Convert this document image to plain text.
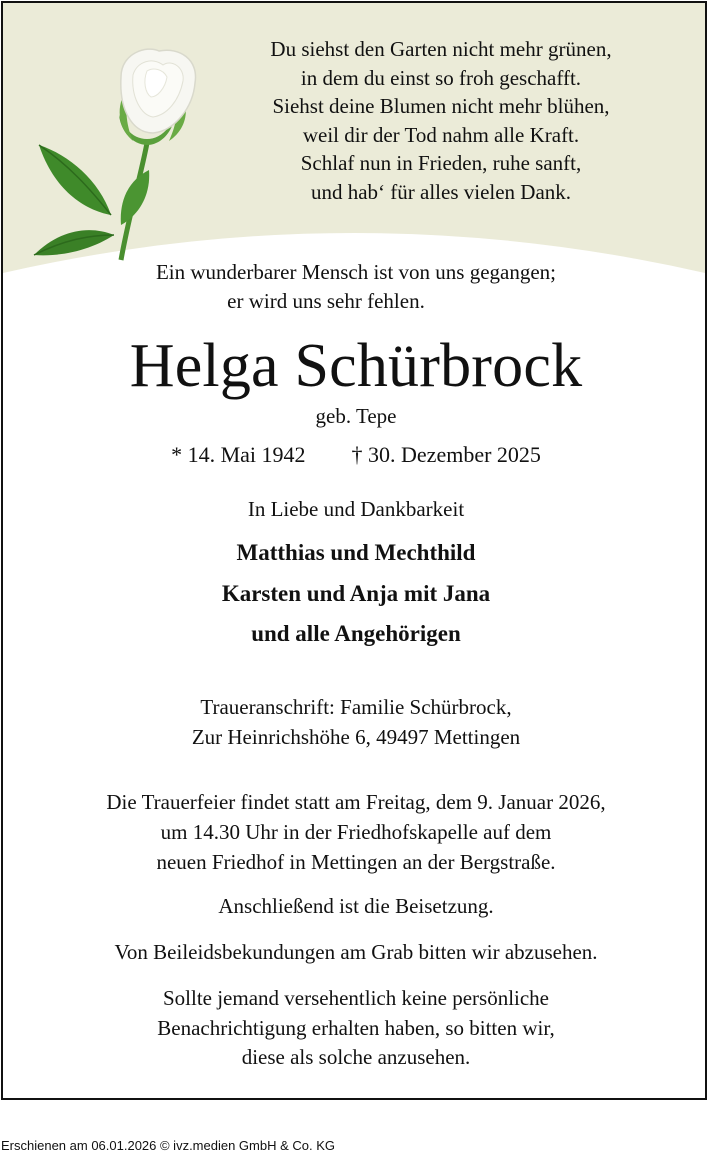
Du siehst den Garten nicht mehr grünen,
in dem du einst so froh geschafft.
Siehst deine Blumen nicht mehr blühen,
weil dir der Tod nahm alle Kraft.
Schlaf nun in Frieden, ruhe sanft,
und hab‘ für alles vielen Dank.
Ein wunderbarer Mensch ist von uns gegangen;
er wird uns sehr fehlen.
Helga Schürbrock
geb. Tepe
* 14. Mai 1942 † 30. Dezember 2025
In Liebe und Dankbarkeit
Matthias und Mechthild
Karsten und Anja mit Jana
und alle Angehörigen
Traueranschrift: Familie Schürbrock,
Zur Heinrichshöhe 6, 49497 Mettingen
Die Trauerfeier findet statt am Freitag, dem 9. Januar 2026,
um 14.30 Uhr in der Friedhofskapelle auf dem
neuen Friedhof in Mettingen an der Bergstraße.
Anschließend ist die Beisetzung.
Von Beileidsbekundungen am Grab bitten wir abzusehen.
Sollte jemand versehentlich keine persönliche
Benachrichtigung erhalten haben, so bitten wir,
diese als solche anzusehen.
Erschienen am 06.01.2026 © ivz.medien GmbH & Co. KG
